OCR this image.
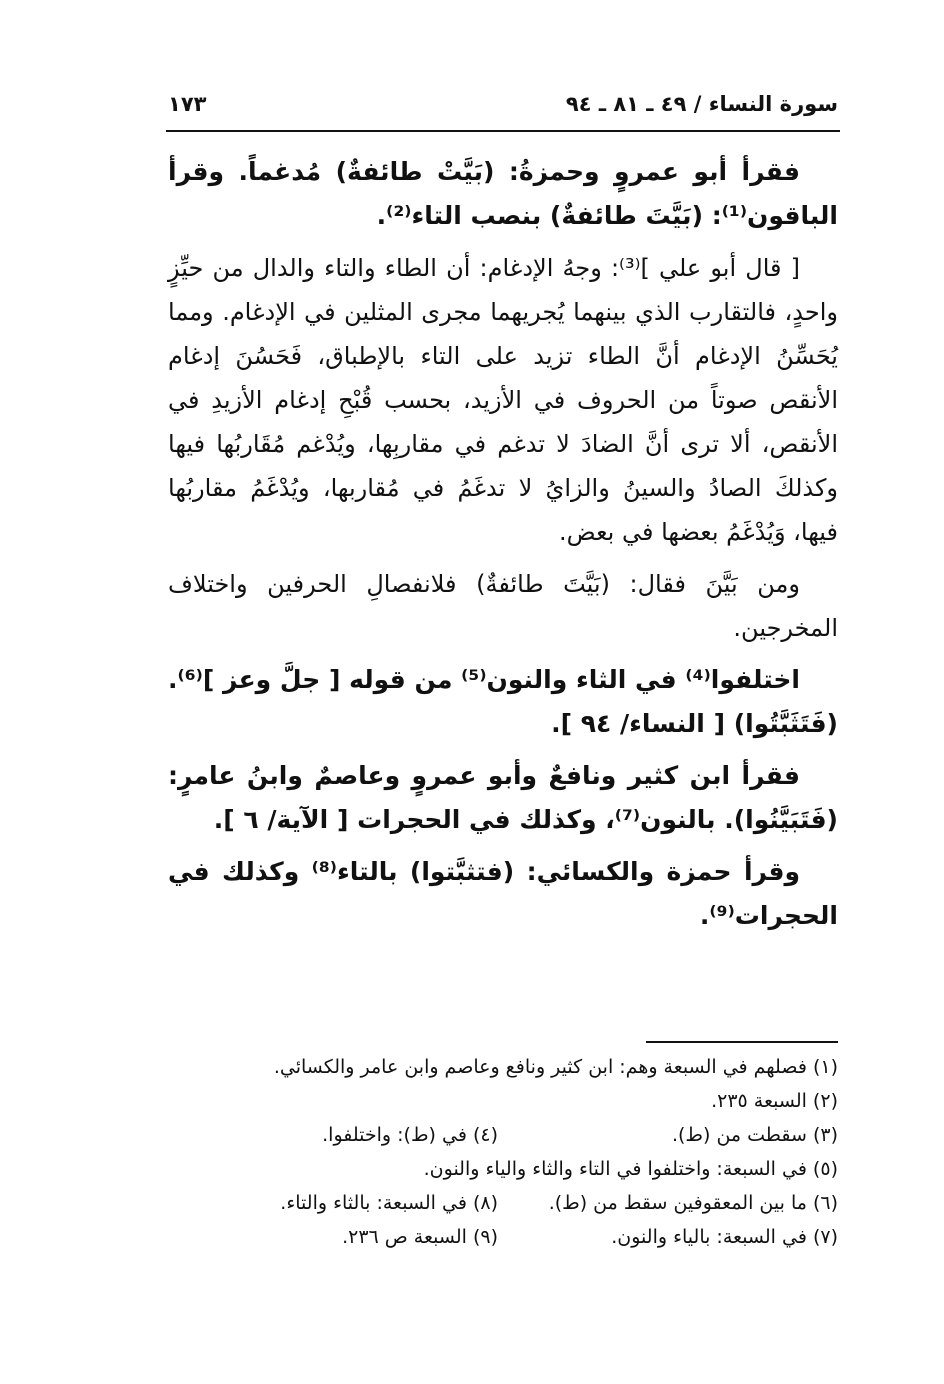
سورة النساء / ٤٩ ـ ٨١ ـ ٩٤
١٧٣

فقرأ أبو عمروٍ وحمزةُ: (بَيَّتْ طائفةٌ) مُدغماً. وقرأ الباقون⁽¹⁾: (بَيَّتَ طائفةٌ) بنصب التاء⁽²⁾.

[ قال أبو علي ]⁽³⁾: وجهُ الإدغام: أن الطاء والتاء والدال من حيِّزٍ واحدٍ، فالتقارب الذي بينهما يُجريهما مجرى المثلين في الإدغام. ومما يُحَسِّنُ الإدغام أنَّ الطاء تزيد على التاء بالإطباق، فَحَسُنَ إدغام الأنقص صوتاً من الحروف في الأزيد، بحسب قُبْحِ إدغام الأزيدِ في الأنقص، ألا ترى أنَّ الضادَ لا تدغم في مقاربِها، ويُدْغم مُقَاربُها فيها وكذلكَ الصادُ والسينُ والزايُ لا تدغَمُ في مُقاربها، ويُدْغَمُ مقاربُها فيها، وَيُدْغَمُ بعضها في بعض.

ومن بَيَّنَ فقال: (بَيَّتَ طائفةٌ) فلانفصالِ الحرفين واختلاف المخرجين.

اختلفوا⁽⁴⁾ في الثاء والنون⁽⁵⁾ من قوله [ جلَّ وعز ]⁽⁶⁾. (فَتَثَبَّتُوا) [ النساء/ ٩٤ ].

فقرأ ابن كثير ونافعٌ وأبو عمروٍ وعاصمٌ وابنُ عامرٍ: (فَتَبَيَّنُوا). بالنون⁽⁷⁾، وكذلك في الحجرات [ الآية/ ٦ ].

وقرأ حمزة والكسائي: (فتثبَّتوا) بالتاء⁽⁸⁾ وكذلك في الحجرات⁽⁹⁾.

(١) فصلهم في السبعة وهم: ابن كثير ونافع وعاصم وابن عامر والكسائي.
(٢) السبعة ٢٣٥.
(٣) سقطت من (ط).
(٤) في (ط): واختلفوا.
(٥) في السبعة: واختلفوا في التاء والثاء والياء والنون.
(٦) ما بين المعقوفين سقط من (ط).
(٨) في السبعة: بالثاء والتاء.
(٧) في السبعة: بالياء والنون.
(٩) السبعة ص ٢٣٦.
